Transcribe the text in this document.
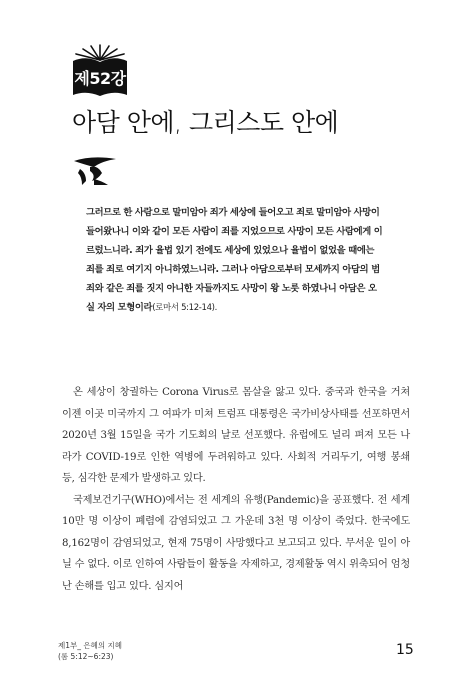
제52강
아담 안에, 그리스도 안에
그러므로 한 사람으로 말미암아 죄가 세상에 들어오고 죄로 말미암아 사망이
들어왔나니 이와 같이 모든 사람이 죄를 지었으므로 사망이 모든 사람에게 이
르렀느니라. 죄가 율법 있기 전에도 세상에 있었으나 율법이 없었을 때에는
죄를 죄로 여기지 아니하였느니라. 그러나 아담으로부터 모세까지 아담의 범
죄와 같은 죄를 짓지 아니한 자들까지도 사망이 왕 노릇 하였나니 아담은 오
실 자의 모형이라(로마서 5:12-14).

온 세상이 창궐하는 Corona Virus로 몸살을 앓고 있다. 중국과 한국을 거쳐 이젠 이곳 미국까지 그 여파가 미쳐 트럼프 대통령은 국가비상사태를 선포하면서 2020년 3월 15일을 국가 기도회의 날로 선포했다. 유럽에도 널리 펴져 모든 나라가 COVID-19로 인한 역병에 두려워하고 있다. 사회적 거리두기, 여행 봉쇄 등, 심각한 문제가 발생하고 있다.

국제보건기구(WHO)에서는 전 세계의 유행(Pandemic)을 공표했다. 전 세계 10만 명 이상이 폐렴에 감염되었고 그 가운데 3천 명 이상이 죽었다. 한국에도 8,162명이 감염되었고, 현재 75명이 사망했다고 보고되고 있다. 무서운 일이 아닐 수 없다. 이로 인하여 사람들이 활동을 자제하고, 경제활동 역시 위축되어 엄청난 손해를 입고 있다. 심지어

제1부_ 은혜의 지혜
(롬 5:12~6:23)	15
